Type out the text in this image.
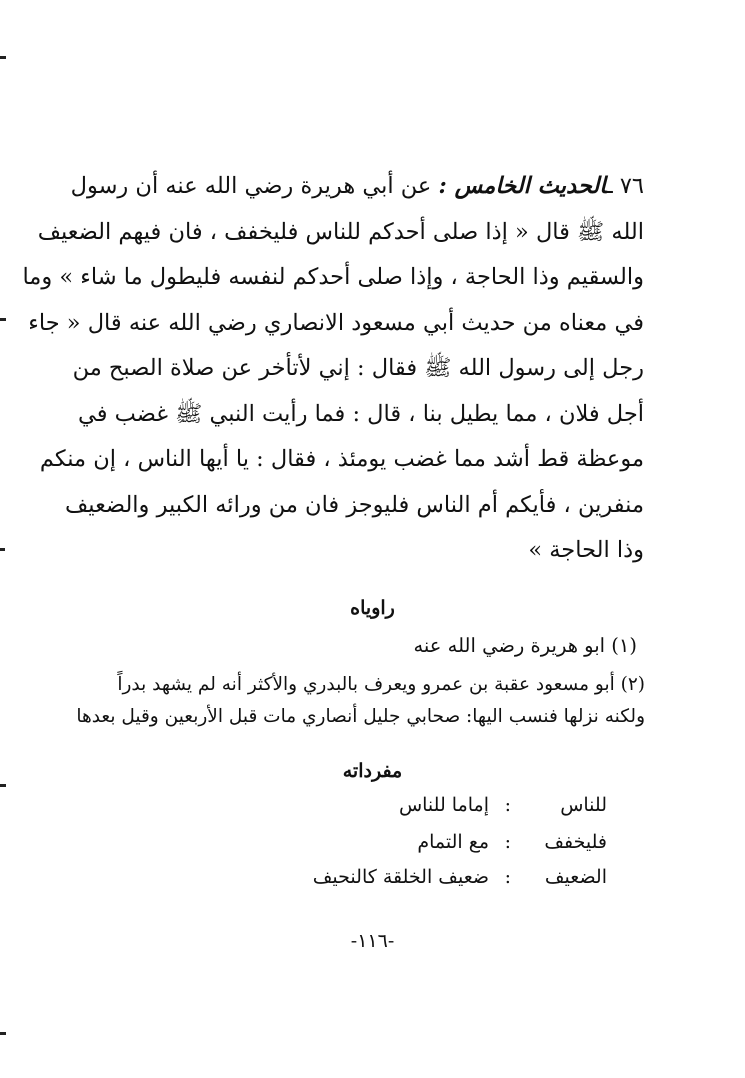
٧٦ ـالحديث الخامس : عن أبي هريرة رضي الله عنه أن رسول
الله ﷺ قال « إذا صلى أحدكم للناس فليخفف ، فان فيهم الضعيف
والسقيم وذا الحاجة ، وإذا صلى أحدكم لنفسه فليطول ما شاء » وما
في معناه من حديث أبي مسعود الانصاري رضي الله عنه قال « جاء
رجل إلى رسول الله ﷺ فقال : إني لأتأخر عن صلاة الصبح من
أجل فلان ، مما يطيل بنا ، قال : فما رأيت النبي ﷺ غضب في
موعظة قط أشد مما غضب يومئذ ، فقال : يا أيها الناس ، إن منكم
منفرين ، فأيكم أم الناس فليوجز فان من ورائه الكبير والضعيف
وذا الحاجة »
راوياه
(١) ابو هريرة رضي الله عنه
(٢) أبو مسعود عقبة بن عمرو ويعرف بالبدري والأكثر أنه لم يشهد بدراً
ولكنه نزلها فنسب اليها: صحابي جليل أنصاري مات قبل الأربعين وقيل بعدها
مفرداته
للناس
:
إماما للناس
فليخفف
:
مع التمام
الضعيف
:
ضعيف الخلقة كالنحيف
-١١٦-
